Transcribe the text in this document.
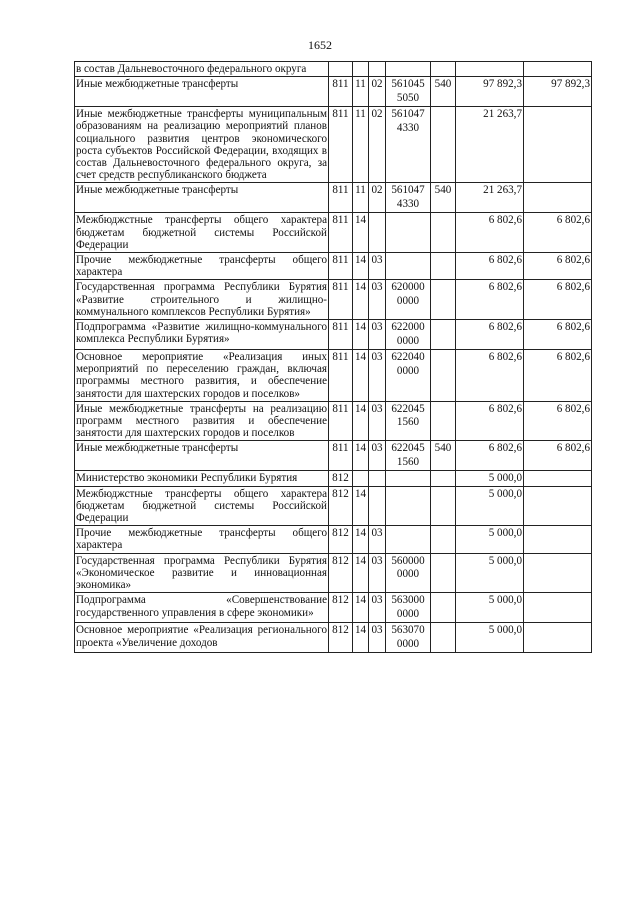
1652
в состав Дальневосточного федерального округа							
Иные межбюджетные трансферты	811	11	02	561045 5050	540	97 892,3	97 892,3
Иные межбюджетные трансферты муниципальным образованиям на реализацию мероприятий планов социального развития центров экономического роста субъектов Российской Федерации, входящих в состав Дальневосточного федерального округа, за счет средств республиканского бюджета	811	11	02	561047 4330		21 263,7	
Иные межбюджетные трансферты	811	11	02	561047 4330	540	21 263,7	
Межбюджстные трансферты общего характера бюджетам бюджетной системы Российской Федерации	811	14				6 802,6	6 802,6
Прочие межбюджетные трансферты общего характера	811	14	03			6 802,6	6 802,6
Государственная программа Республики Бурятия «Развитие строительного и жилищно-коммунального комплексов Республики Бурятия»	811	14	03	620000 0000		6 802,6	6 802,6
Подпрограмма «Развитие жилищно-коммунального комплекса Республики Бурятия»	811	14	03	622000 0000		6 802,6	6 802,6
Основное мероприятие «Реализация иных мероприятий по переселению граждан, включая программы местного развития, и обеспечение занятости для шахтерских городов и поселков»	811	14	03	622040 0000		6 802,6	6 802,6
Иные межбюджетные трансферты на реализацию программ местного развития и обеспечение занятости для шахтерских городов и поселков	811	14	03	622045 1560		6 802,6	6 802,6
Иные межбюджетные трансферты	811	14	03	622045 1560	540	6 802,6	6 802,6
Министерство экономики Республики Бурятия	812					5 000,0	
Межбюджстные трансферты общего характера бюджетам бюджетной системы Российской Федерации	812	14				5 000,0	
Прочие межбюджетные трансферты общего характера	812	14	03			5 000,0	
Государственная программа Республики Бурятия «Экономическое развитие и инновационная экономика»	812	14	03	560000 0000		5 000,0	
Подпрограмма «Совершенствование государственного управления в сфере экономики»	812	14	03	563000 0000		5 000,0	
Основное мероприятие «Реализация регионального проекта «Увеличение доходов	812	14	03	563070 0000		5 000,0	
